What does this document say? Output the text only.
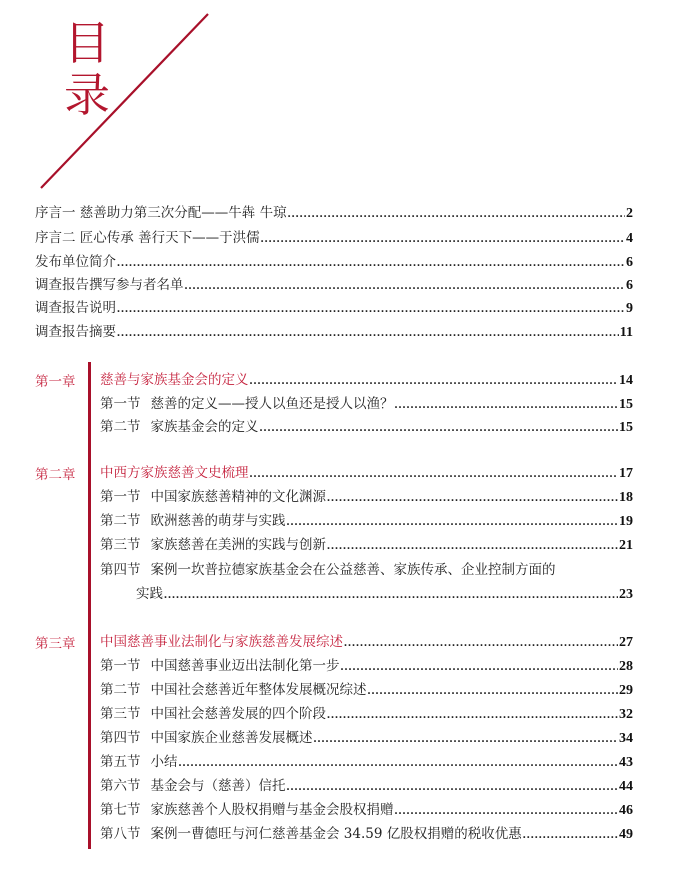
目
录
序言一 慈善助力第三次分配——牛犇 牛琼 .....	2
序言二 匠心传承 善行天下——于洪儒 .....	4
发布单位简介 .....	6
调查报告撰写参与者名单 .....	6
调查报告说明 .....	9
调查报告摘要 .....	11
第一章 慈善与家族基金会的定义 .....	14
第一节 慈善的定义——授人以鱼还是授人以渔？ .....	15
第二节 家族基金会的定义 .....	15
第二章 中西方家族慈善文史梳理 .....	17
第一节 中国家族慈善精神的文化渊源 .....	18
第二节 欧洲慈善的萌芽与实践 .....	19
第三节 家族慈善在美洲的实践与创新 .....	21
第四节 案例一坎普拉德家族基金会在公益慈善、家族传承、企业控制方面的
实践 .....	23
第三章 中国慈善事业法制化与家族慈善发展综述 .....	27
第一节 中国慈善事业迈出法制化第一步 .....	28
第二节 中国社会慈善近年整体发展概况综述 .....	29
第三节 中国社会慈善发展的四个阶段 .....	32
第四节 中国家族企业慈善发展概述 .....	34
第五节 小结 .....	43
第六节 基金会与（慈善）信托 .....	44
第七节 家族慈善个人股权捐赠与基金会股权捐赠 .....	46
第八节 案例一曹德旺与河仁慈善基金会 34.59 亿股权捐赠的税收优惠 .....	49
